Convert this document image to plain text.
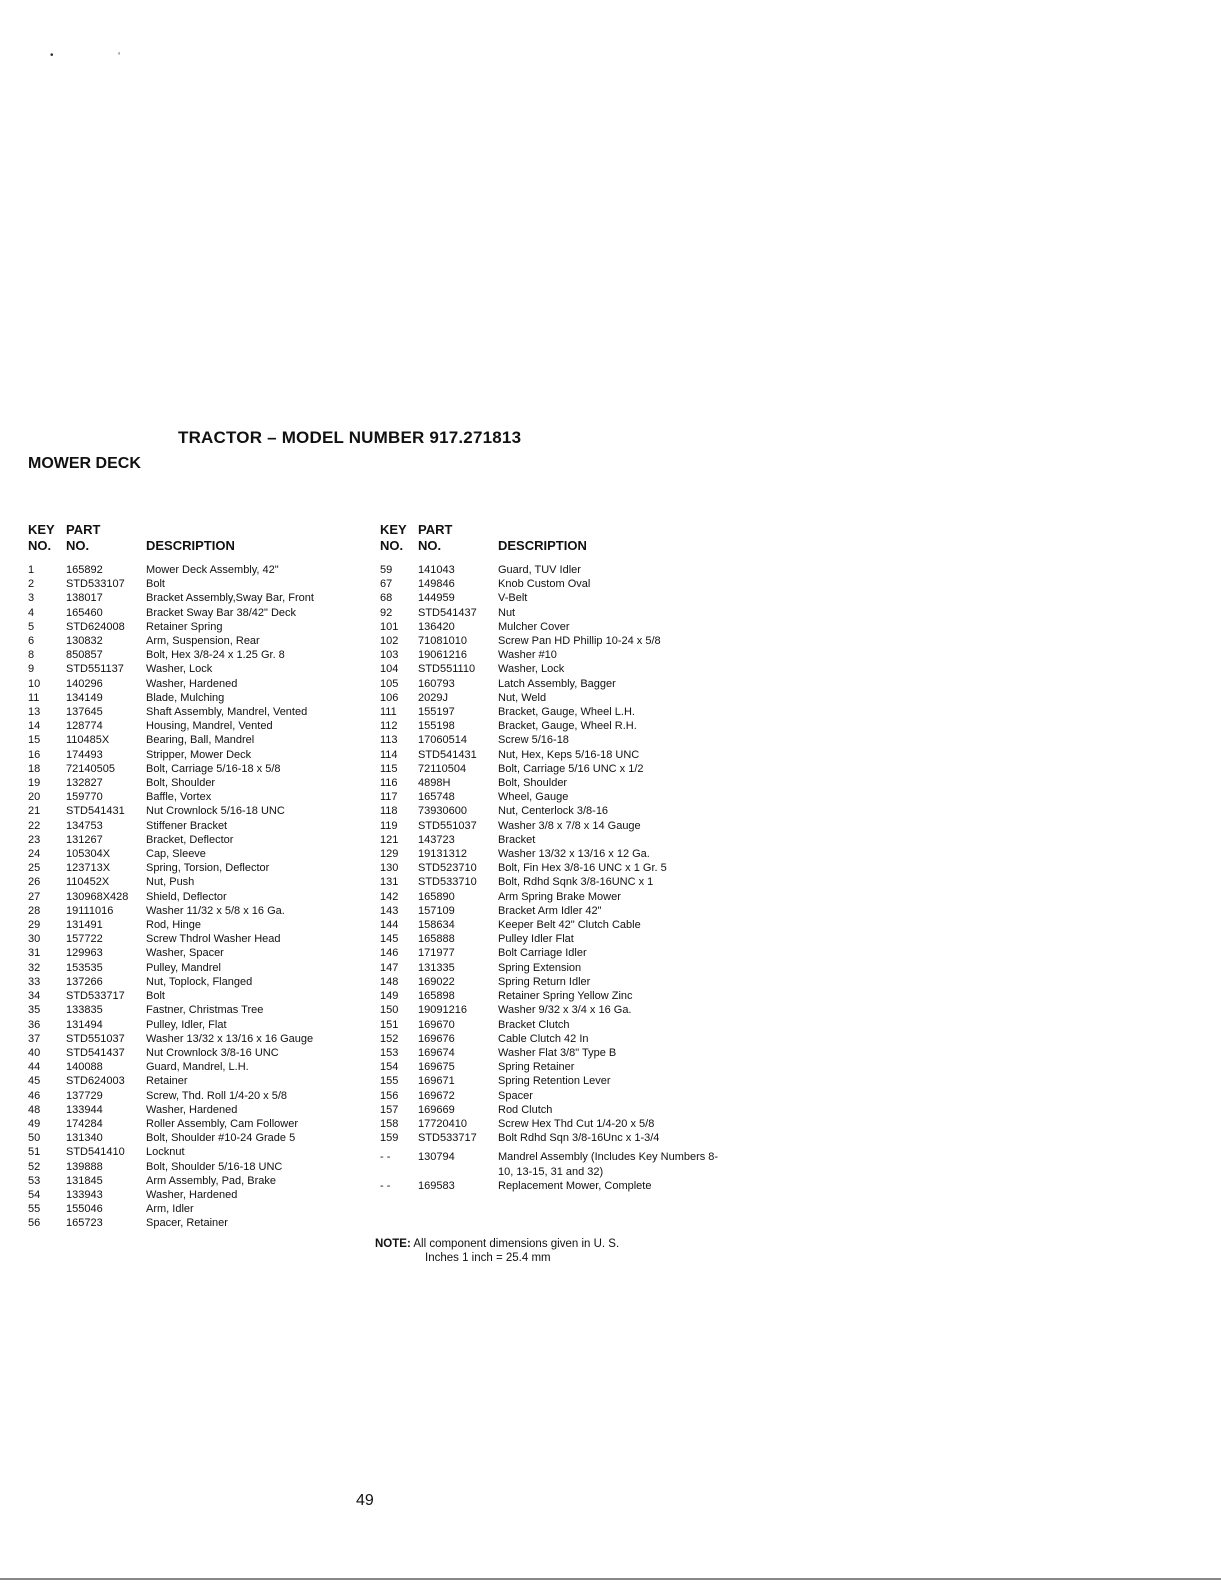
•	‘
TRACTOR – MODEL NUMBER 917.271813
MOWER DECK
KEY
NO.
PART
NO.	DESCRIPTION
1	165892	Mower Deck Assembly, 42"
2	STD533107	Bolt
3	138017	Bracket Assembly,Sway Bar, Front
4	165460	Bracket Sway Bar 38/42" Deck
5	STD624008	Retainer Spring
6	130832	Arm, Suspension, Rear
8	850857	Bolt, Hex 3/8-24 x 1.25 Gr. 8
9	STD551137	Washer, Lock
10	140296	Washer, Hardened
11	134149	Blade, Mulching
13	137645	Shaft Assembly, Mandrel, Vented
14	128774	Housing, Mandrel, Vented
15	110485X	Bearing, Ball, Mandrel
16	174493	Stripper, Mower Deck
18	72140505	Bolt, Carriage 5/16-18 x 5/8
19	132827	Bolt, Shoulder
20	159770	Baffle, Vortex
21	STD541431	Nut Crownlock 5/16-18 UNC
22	134753	Stiffener Bracket
23	131267	Bracket, Deflector
24	105304X	Cap, Sleeve
25	123713X	Spring, Torsion, Deflector
26	110452X	Nut, Push
27	130968X428	Shield, Deflector
28	19111016	Washer 11/32 x 5/8 x 16 Ga.
29	131491	Rod, Hinge
30	157722	Screw Thdrol Washer Head
31	129963	Washer, Spacer
32	153535	Pulley, Mandrel
33	137266	Nut, Toplock, Flanged
34	STD533717	Bolt
35	133835	Fastner, Christmas Tree
36	131494	Pulley, Idler, Flat
37	STD551037	Washer 13/32 x 13/16 x 16 Gauge
40	STD541437	Nut Crownlock 3/8-16 UNC
44	140088	Guard, Mandrel, L.H.
45	STD624003	Retainer
46	137729	Screw, Thd. Roll 1/4-20 x 5/8
48	133944	Washer, Hardened
49	174284	Roller Assembly, Cam Follower
50	131340	Bolt, Shoulder #10-24 Grade 5
51	STD541410	Locknut
52	139888	Bolt, Shoulder 5/16-18 UNC
53	131845	Arm Assembly, Pad, Brake
54	133943	Washer, Hardened
55	155046	Arm, Idler
56	165723	Spacer, Retainer
KEY
NO.
PART
NO.	DESCRIPTION
59	141043	Guard, TUV Idler
67	149846	Knob Custom Oval
68	144959	V-Belt
92	STD541437	Nut
101	136420	Mulcher Cover
102	71081010	Screw Pan HD Phillip 10-24 x 5/8
103	19061216	Washer #10
104	STD551110	Washer, Lock
105	160793	Latch Assembly, Bagger
106	2029J	Nut, Weld
111	155197	Bracket, Gauge, Wheel L.H.
112	155198	Bracket, Gauge, Wheel R.H.
113	17060514	Screw 5/16-18
114	STD541431	Nut, Hex, Keps 5/16-18 UNC
115	72110504	Bolt, Carriage 5/16 UNC x 1/2
116	4898H	Bolt, Shoulder
117	165748	Wheel, Gauge
118	73930600	Nut, Centerlock 3/8-16
119	STD551037	Washer 3/8 x 7/8 x 14 Gauge
121	143723	Bracket
129	19131312	Washer 13/32 x 13/16 x 12 Ga.
130	STD523710	Bolt, Fin Hex 3/8-16 UNC x 1 Gr. 5
131	STD533710	Bolt, Rdhd Sqnk 3/8-16UNC x 1
142	165890	Arm Spring Brake Mower
143	157109	Bracket Arm Idler 42"
144	158634	Keeper Belt 42" Clutch Cable
145	165888	Pulley Idler Flat
146	171977	Bolt Carriage Idler
147	131335	Spring Extension
148	169022	Spring Return Idler
149	165898	Retainer Spring Yellow Zinc
150	19091216	Washer 9/32 x 3/4 x 16 Ga.
151	169670	Bracket Clutch
152	169676	Cable Clutch 42 In
153	169674	Washer Flat 3/8" Type B
154	169675	Spring Retainer
155	169671	Spring Retention Lever
156	169672	Spacer
157	169669	Rod Clutch
158	17720410	Screw Hex Thd Cut 1/4-20 x 5/8
159	STD533717	Bolt Rdhd Sqn 3/8-16Unc x 1-3/4
- -	130794	Mandrel Assembly (Includes Key Numbers 8-10, 13-15, 31 and 32)
- -	169583	Replacement Mower, Complete
NOTE: All component dimensions given in U. S.
Inches 1 inch = 25.4 mm
49
